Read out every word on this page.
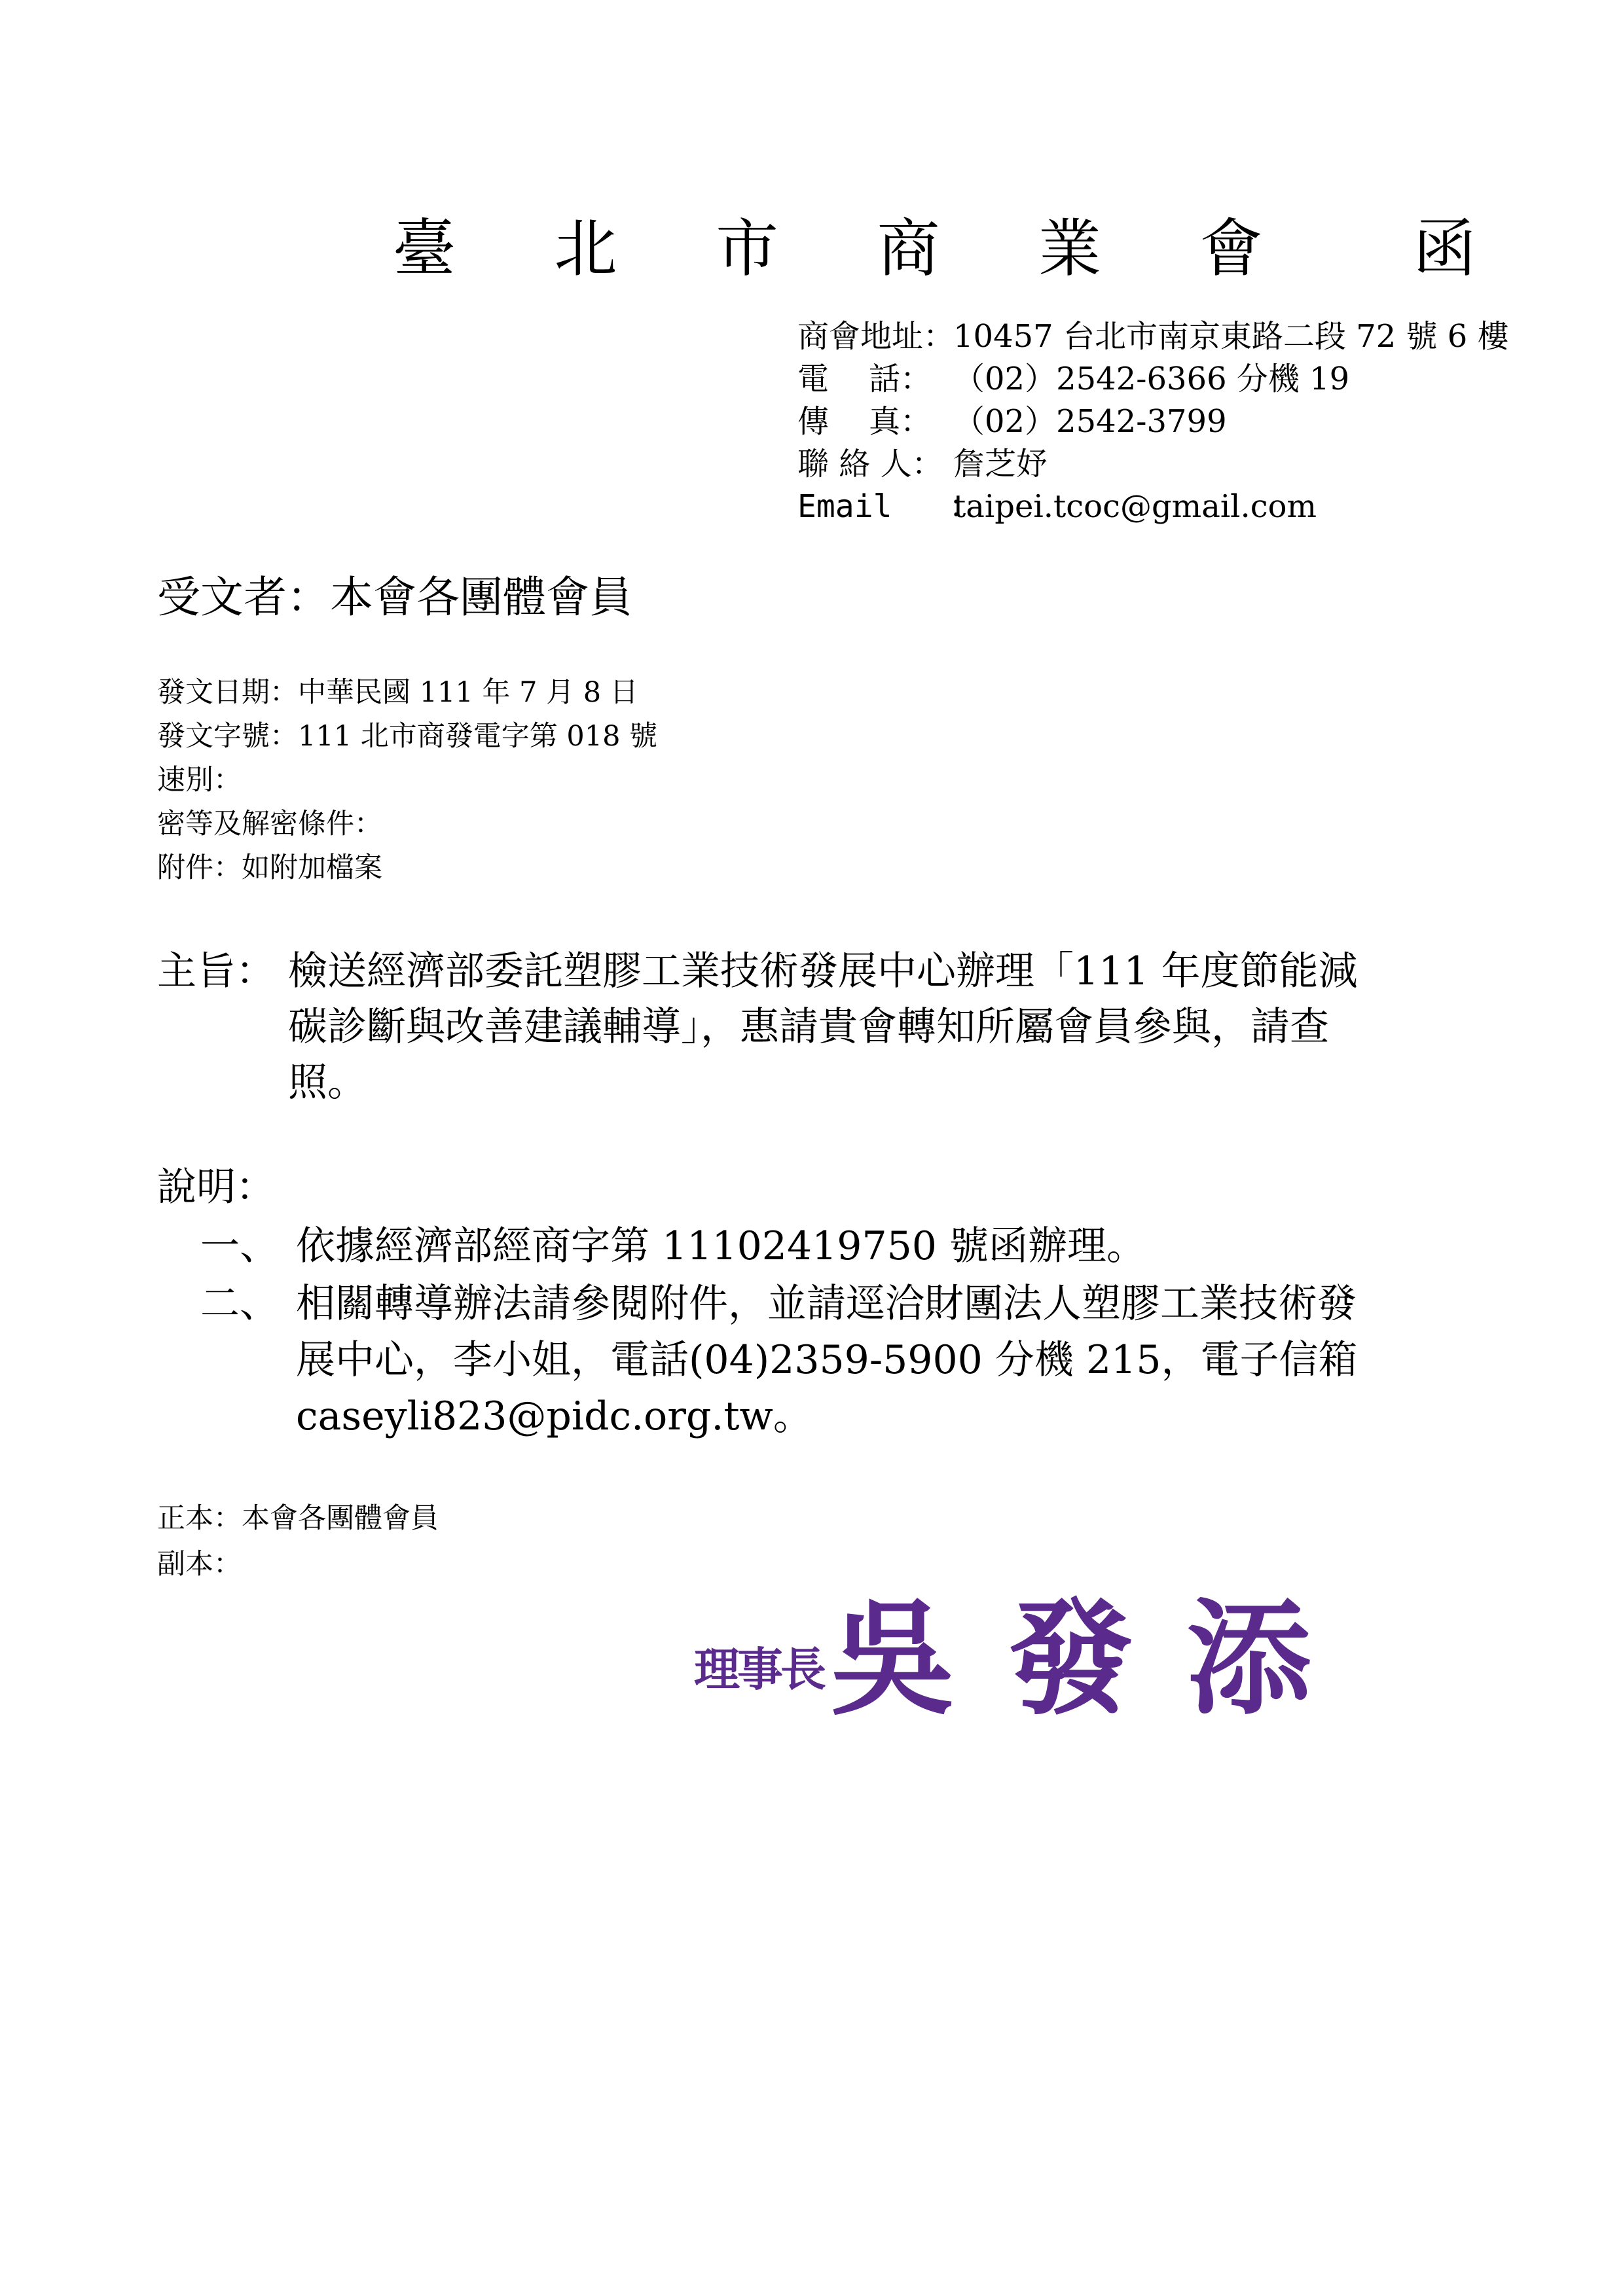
臺 北 市 商 業 會 函
商會地址：
10457 台北市南京東路二段 72 號 6 樓
電    話： （02）2542-6366 分機 19
傳    真： （02）2542-3799
聯 絡 人： 詹芝妤
Email   ：
taipei.tcoc@gmail.com
受文者：本會各團體會員
發文日期：中華民國 111 年 7 月 8 日
發文字號：111 北市商發電字第 018 號
速別：
密等及解密條件：
附件：如附加檔案
主旨： 檢送經濟部委託塑膠工業技術發展中心辦理「111 年度節能減
碳診斷與改善建議輔導」，惠請貴會轉知所屬會員參與，請查
照。
說明：
一、 依據經濟部經商字第 11102419750 號函辦理。
二、 相關轉導辦法請參閱附件，並請逕洽財團法人塑膠工業技術發
展中心，李小姐，電話(04)2359-5900 分機 215，電子信箱
caseyli823@pidc.org.tw。
正本：本會各團體會員
副本：
理事長吳 發 添
